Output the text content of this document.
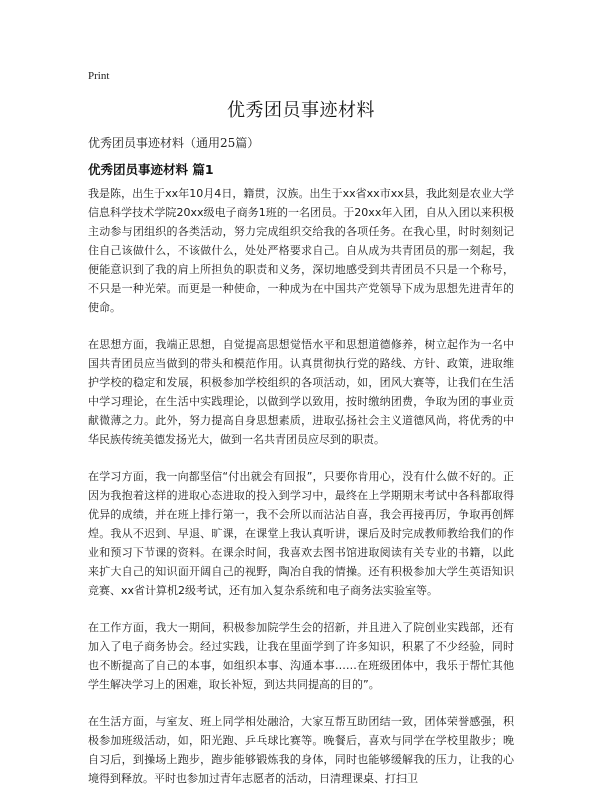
Print
优秀团员事迹材料

优秀团员事迹材料（通用25篇）

优秀团员事迹材料 篇1

我是陈，出生于xx年10月4日，籍贯，汉族。出生于xx省xx市xx县，我此刻是农业大学信息科学技术学院20xx级电子商务1班的一名团员。于20xx年入团，自从入团以来积极主动参与团组织的各类活动，努力完成组织交给我的各项任务。在我心里，时时刻刻记住自己该做什么，不该做什么，处处严格要求自己。自从成为共青团员的那一刻起，我便能意识到了我的肩上所担负的职责和义务，深切地感受到共青团员不只是一个称号，不只是一种光荣。而更是一种使命，一种成为在中国共产党领导下成为思想先进青年的使命。

在思想方面，我端正思想，自觉提高思想觉悟水平和思想道德修养，树立起作为一名中国共青团员应当做到的带头和模范作用。认真贯彻执行党的路线、方针、政策，进取维护学校的稳定和发展，积极参加学校组织的各项活动，如，团风大赛等，让我们在生活中学习理论，在生活中实践理论，以做到学以致用，按时缴纳团费，争取为团的事业贡献微薄之力。此外，努力提高自身思想素质，进取弘扬社会主义道德风尚，将优秀的中华民族传统美德发扬光大，做到一名共青团员应尽到的职责。

在学习方面，我一向都坚信“付出就会有回报”，只要你肯用心，没有什么做不好的。正因为我抱着这样的进取心态进取的投入到学习中，最终在上学期期末考试中各科都取得优异的成绩，并在班上排行第一，我不会所以而沾沾自喜，我会再接再厉，争取再创辉煌。我从不迟到、早退、旷课，在课堂上我认真听讲，课后及时完成教师教给我们的作业和预习下节课的资料。在课余时间，我喜欢去图书馆进取阅读有关专业的书籍，以此来扩大自己的知识面开阔自己的视野，陶冶自我的情操。还有积极参加大学生英语知识竞赛、xx省计算机2级考试，还有加入复杂系统和电子商务法实验室等。

在工作方面，我大一期间，积极参加院学生会的招新，并且进入了院创业实践部，还有加入了电子商务协会。经过实践，让我在里面学到了许多知识，积累了不少经验，同时也不断提高了自己的本事，如组织本事、沟通本事……在班级团体中，我乐于帮忙其他学生解决学习上的困难，取长补短，到达共同提高的目的”。

在生活方面，与室友、班上同学相处融洽，大家互帮互助团结一致，团体荣誉感强，积极参加班级活动，如，阳光跑、乒乓球比赛等。晚餐后，喜欢与同学在学校里散步；晚自习后，到操场上跑步，跑步能够锻炼我的身体，同时也能够缓解我的压力，让我的心境得到释放。平时也参加过青年志愿者的活动，日清理课桌、打扫卫
